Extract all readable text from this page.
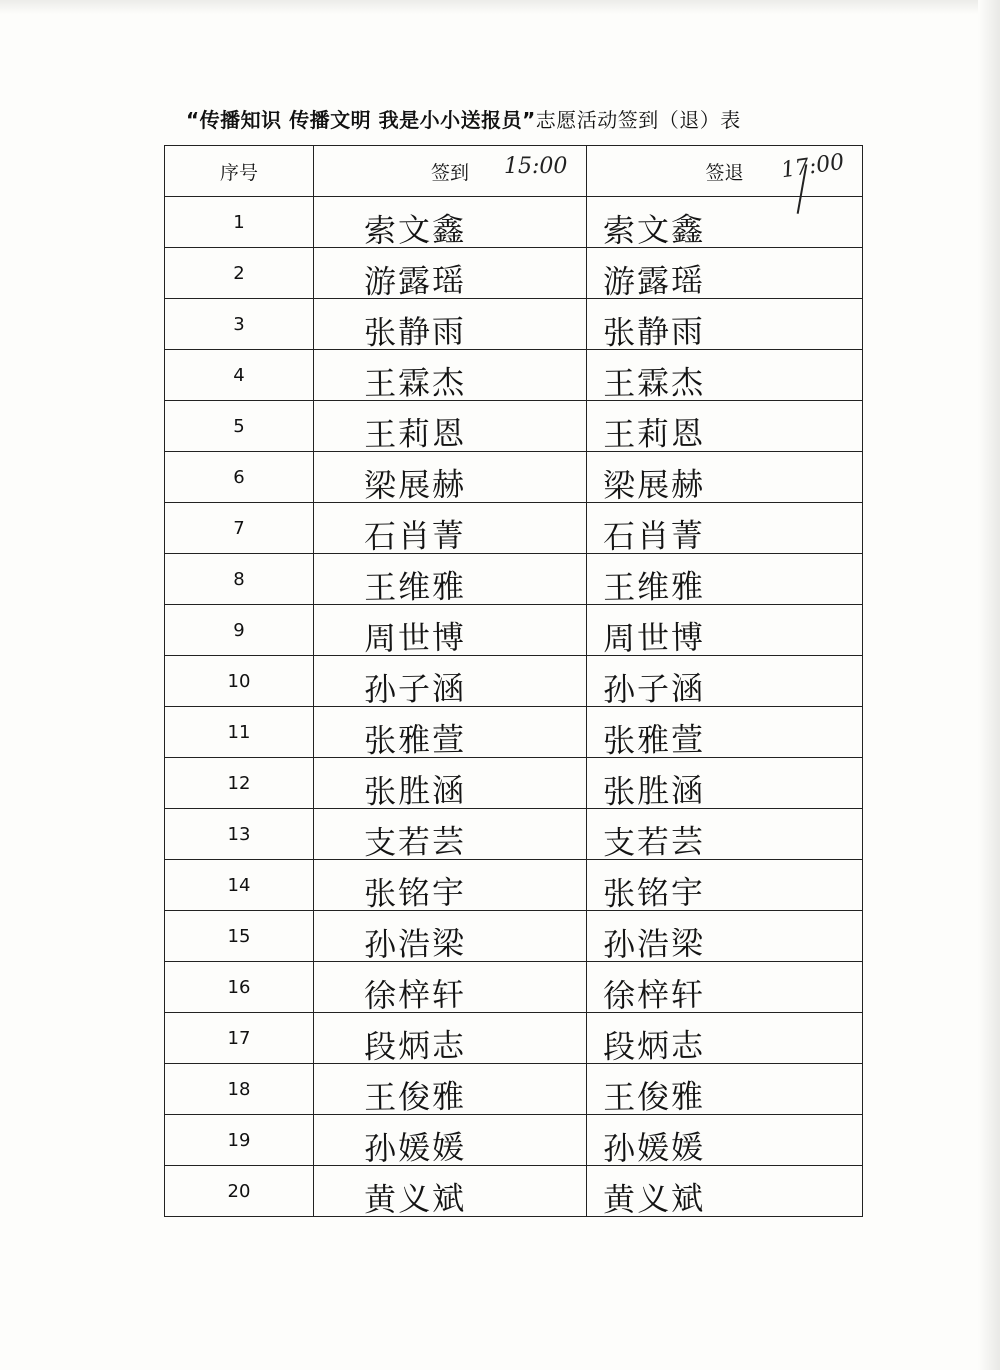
“传播知识 传播文明 我是小小送报员”志愿活动签到（退）表
序号	签到 15:00	签退 17:00

1	索文鑫	索文鑫

2	游露瑶	游露瑶

3	张静雨	张静雨

4	王霖杰	王霖杰

5	王莉恩	王莉恩

6	梁展赫	梁展赫

7	石肖菁	石肖菁

8	王维雅	王维雅

9	周世博	周世博

10	孙子涵	孙子涵

11	张雅萱	张雅萱

12	张胜涵	张胜涵

13	支若芸	支若芸

14	张铭宇	张铭宇

15	孙浩梁	孙浩梁

16	徐梓轩	徐梓轩

17	段炳志	段炳志

18	王俊雅	王俊雅

19	孙媛媛	孙媛媛

20	黄义斌	黄义斌
